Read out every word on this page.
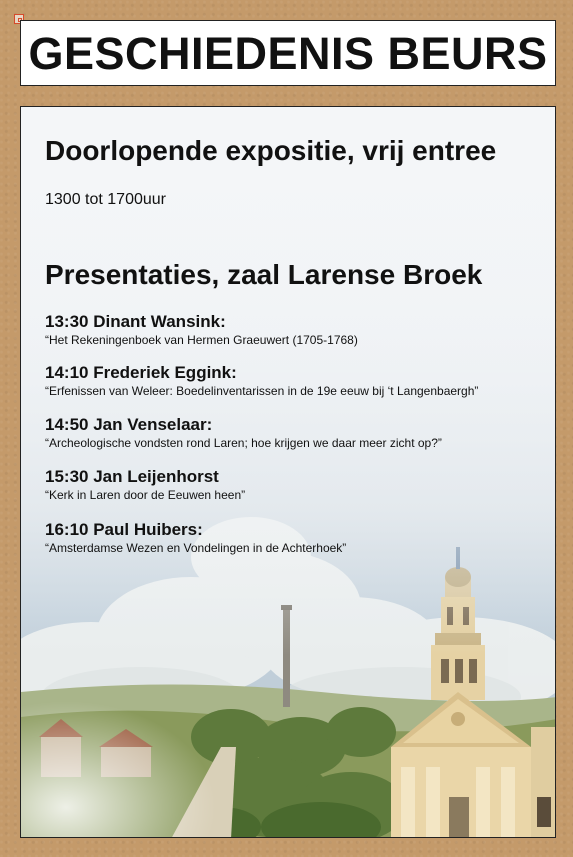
GESCHIEDENIS BEURS
Doorlopende expositie, vrij entree
1300 tot 1700uur
Presentaties, zaal Larense Broek
13:30 Dinant Wansink:
“Het Rekeningenboek van Hermen Graeuwert (1705-1768)
14:10 Frederiek Eggink:
“Erfenissen van Weleer: Boedelinventarissen in de 19e eeuw bij ‘t Langenbaergh”
14:50 Jan Venselaar:
“Archeologische vondsten rond Laren; hoe krijgen we daar meer zicht op?”
15:30 Jan Leijenhorst
“Kerk in Laren door de Eeuwen heen”
16:10 Paul Huibers:
“Amsterdamse Wezen en Vondelingen in de Achterhoek”
